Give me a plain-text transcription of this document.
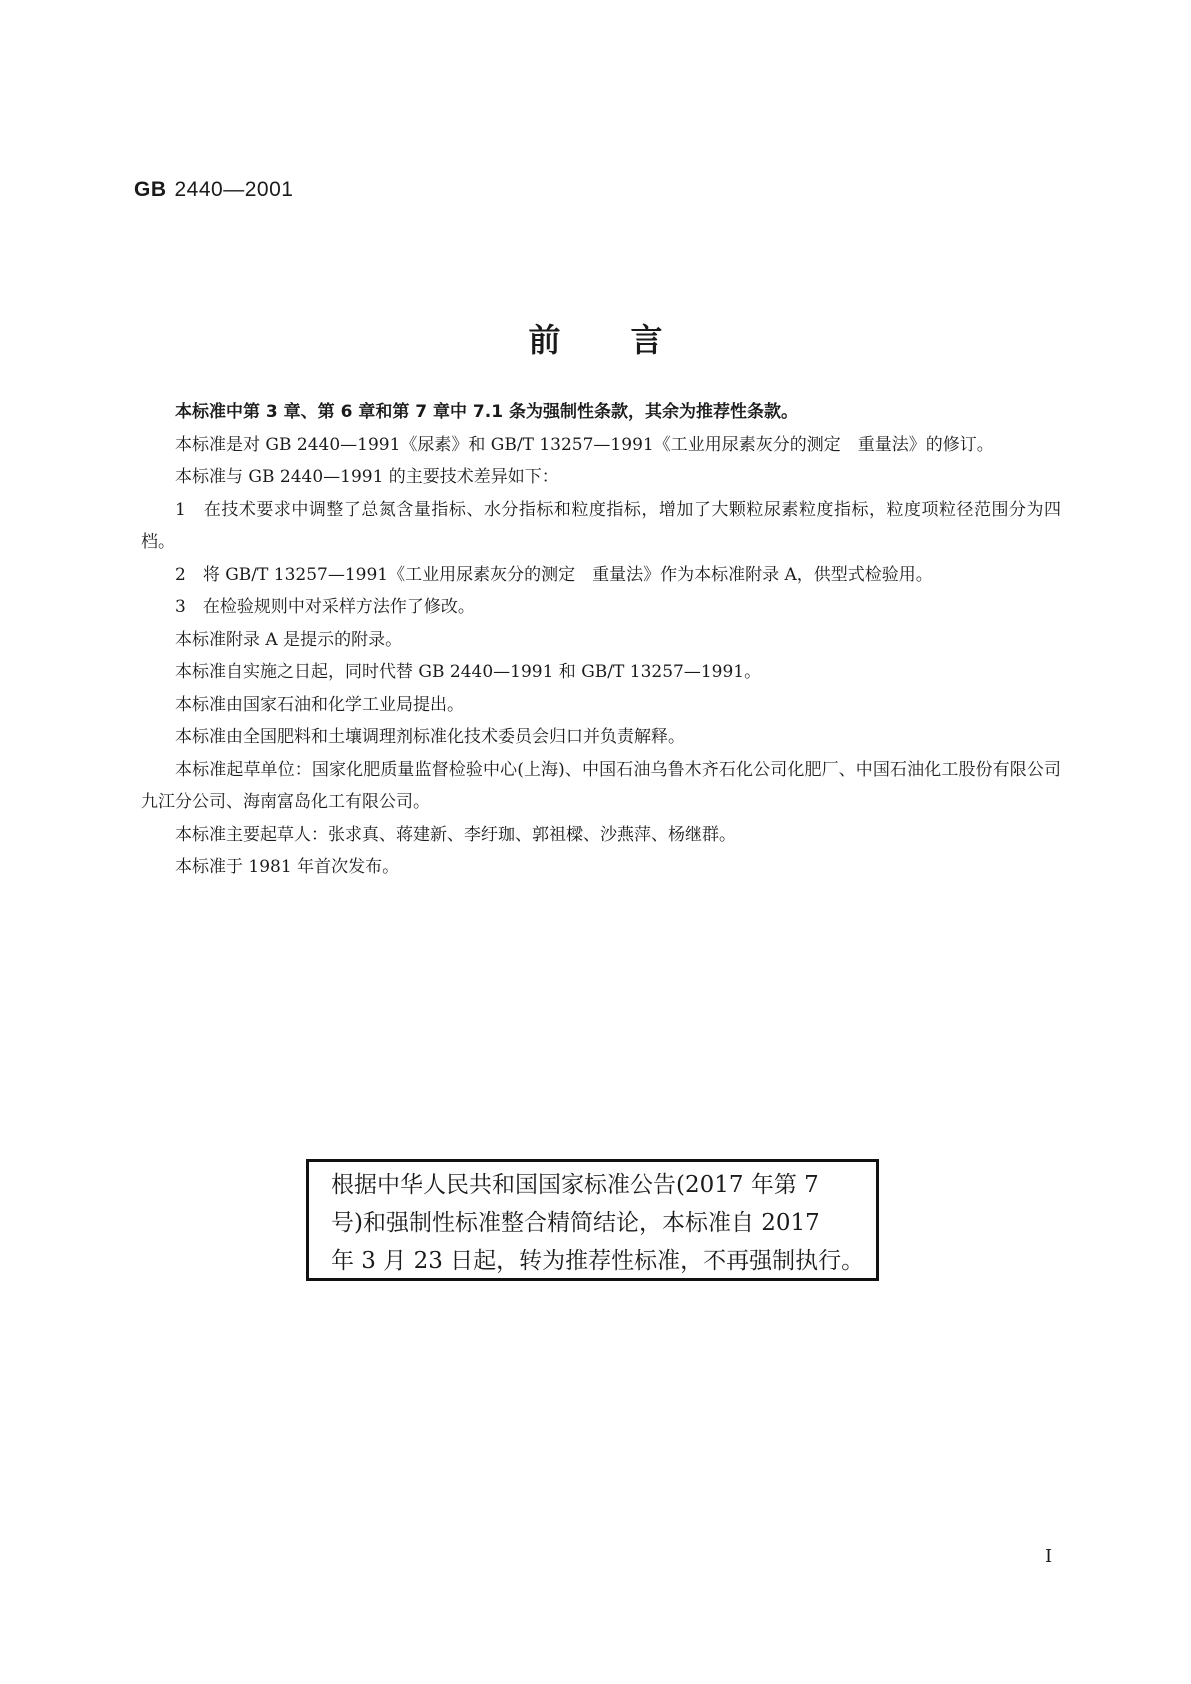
GB 2440—2001
前言

本标准中第 3 章、第 6 章和第 7 章中 7.1 条为强制性条款，其余为推荐性条款。

本标准是对 GB 2440—1991《尿素》和 GB/T 13257—1991《工业用尿素灰分的测定　重量法》的修订。

本标准与 GB 2440—1991 的主要技术差异如下：

1　在技术要求中调整了总氮含量指标、水分指标和粒度指标，增加了大颗粒尿素粒度指标，粒度项粒径范围分为四档。

2　将 GB/T 13257—1991《工业用尿素灰分的测定　重量法》作为本标准附录 A，供型式检验用。

3　在检验规则中对采样方法作了修改。

本标准附录 A 是提示的附录。

本标准自实施之日起，同时代替 GB 2440—1991 和 GB/T 13257—1991。

本标准由国家石油和化学工业局提出。

本标准由全国肥料和土壤调理剂标准化技术委员会归口并负责解释。

本标准起草单位：国家化肥质量监督检验中心(上海)、中国石油乌鲁木齐石化公司化肥厂、中国石油化工股份有限公司九江分公司、海南富岛化工有限公司。

本标准主要起草人：张求真、蒋建新、李纡珈、郭祖樑、沙燕萍、杨继群。

本标准于 1981 年首次发布。

根据中华人民共和国国家标准公告(2017 年第 7
号)和强制性标准整合精简结论，本标准自 2017
年 3 月 23 日起，转为推荐性标准，不再强制执行。
I
